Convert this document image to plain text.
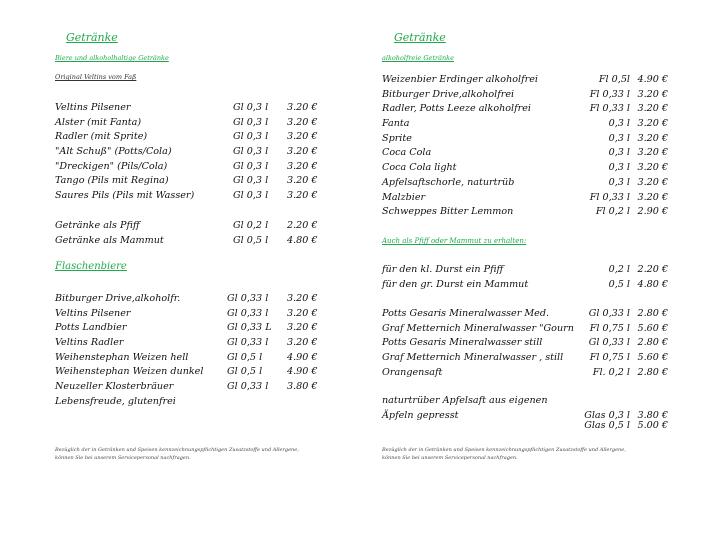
Getränke
Biere und alkoholhaltige Getränke
Original Veltins vom Faß
Veltins Pilsener	Gl 0,3 l 3.20 €
Alster (mit Fanta)	Gl 0,3 l 3.20 €
Radler (mit Sprite)	Gl 0,3 l 3.20 €
"Alt Schuß" (Potts/Cola)	Gl 0,3 l 3.20 €
"Dreckigen" (Pils/Cola)	Gl 0,3 l 3.20 €
Tango (Pils mit Regina)	Gl 0,3 l 3.20 €
Saures Pils (Pils mit Wasser)	Gl 0,3 l 3.20 €
Getränke als Pfiff	Gl 0,2 l 2.20 €
Getränke als Mammut	Gl 0,5 l 4.80 €
Flaschenbiere
Bitburger Drive,alkoholfr.	Gl 0,33 l 3.20 €
Veltins Pilsener	Gl 0,33 l 3.20 €
Potts Landbier	Gl 0,33 L 3.20 €
Veltins Radler	Gl 0,33 l 3.20 €
Weihenstephan Weizen hell	Gl 0,5 l	4.90 €
Weihenstephan Weizen dunkel Gl 0,5 l	4.90 €
Neuzeller Klosterbräuer	Gl 0,33 l 3.80 €
Lebensfreude, glutenfrei
Bezüglich der in Getränken und Speisen kennzeichnungspflichtigen Zusatzstoffe und Allergene, können Sie bei unserem Servicepersonal nachfragen.
Getränke
alkoholfreie Getränke
Weizenbier Erdinger alkoholfrei	Fl 0,5l 4.90 €
Bitburger Drive,alkoholfrei	Fl 0,33 l 3.20 €
Radler, Potts Leeze alkoholfrei	Fl 0,33 l 3.20 €
Fanta	0,3 l 3.20 €
Sprite	0,3 l 3.20 €
Coca Cola	0,3 l 3.20 €
Coca Cola light	0,3 l 3.20 €
Apfelsaftschorle, naturtrüb	0,3 l 3.20 €
Malzbier	Fl 0,33 l 3.20 €
Schweppes Bitter Lemmon	Fl 0,2 l 2.90 €
Auch als Pfiff oder Mammut zu erhalten:
für den kl. Durst ein Pfiff	0,2 l 2.20 €
für den gr. Durst ein Mammut	0,5 l 4.80 €
Potts Gesaris Mineralwasser Med.	Gl 0,33 l 2.80 €
Graf Metternich Mineralwasser "Gourn Fl 0,75 l 5.60 €
Potts Gesaris Mineralwasser still	Gl 0,33 l 2.80 €
Graf Metternich Mineralwasser , still	Fl 0,75 l 5.60 €
Orangensaft	Fl. 0,2 l 2.80 €
naturtrüber Apfelsaft aus eigenen
Äpfeln gepresst	Glas 0,3 l 3.80 €
Glas 0,5 l 5.00 €
Bezüglich der in Getränken und Speisen kennzeichnungspflichtigen Zusatzstoffe und Allergene, können Sie bei unserem Servicepersonal nachfragen.
